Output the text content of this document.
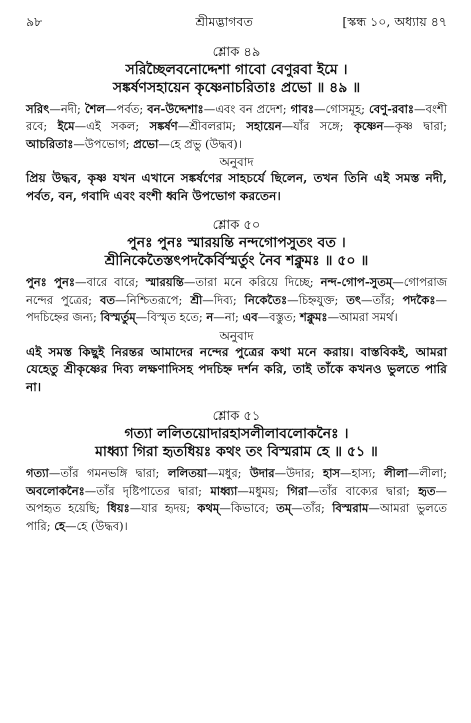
৯৮	শ্রীমদ্ভাগবত	[স্কন্ধ ১০, অধ্যায় ৪৭
শ্লোক ৪৯
সরিচ্ছৈলবনোদ্দেশা গাবো বেণুরবা ইমে ।
সঙ্কর্ষণসহায়েন কৃষ্ণেনাচরিতাঃ প্রভো ॥ ৪৯ ॥
সরিৎ—নদী; শৈল—পর্বত; বন-উদ্দেশাঃ—এবং বন প্রদেশ; গাবঃ—গোসমূহ; বেণু-রবাঃ—বংশী রবে; ইমে—এই সকল; সঙ্কর্ষণ—শ্রীবলরাম; সহায়েন—যাঁর সঙ্গে; কৃষ্ণেন—কৃষ্ণ দ্বারা; আচরিতাঃ—উপভোগ; প্রভো—হে প্রভু (উদ্ধব)।
অনুবাদ
প্রিয় উদ্ধব, কৃষ্ণ যখন এখানে সঙ্কর্ষণের সাহচর্যে ছিলেন, তখন তিনি এই সমস্ত নদী, পর্বত, বন, গবাদি এবং বংশী ধ্বনি উপভোগ করতেন।
শ্লোক ৫০
পুনঃ পুনঃ স্মারয়ন্তি নন্দগোপসুতং বত ।
শ্রীনিকেতৈস্তৎপদকৈর্বিস্মর্তুং নৈব শক্নুমঃ ॥ ৫০ ॥
পুনঃ পুনঃ—বারে বারে; স্মারয়ন্তি—তারা মনে করিয়ে দিচ্ছে; নন্দ-গোপ-সুতম্—গোপরাজ নন্দের পুত্রের; বত—নিশ্চিতরূপে; শ্রী—দিব্য; নিকেতৈঃ—চিহ্নযুক্ত; তৎ—তাঁর; পদকৈঃ—পদচিহ্নের জন্য; বিস্মর্তুম্—বিস্মৃত হতে; ন—না; এব—বস্তুত; শক্নুমঃ—আমরা সমর্থ।
অনুবাদ
এই সমস্ত কিছুই নিরন্তর আমাদের নন্দের পুত্রের কথা মনে করায়। বাস্তবিকই, আমরা যেহেতু শ্রীকৃষ্ণের দিব্য লক্ষণাদিসহ পদচিহ্ন দর্শন করি, তাই তাঁকে কখনও ভুলতে পারি না।
শ্লোক ৫১
গত্যা ললিতয়োদারহাসলীলাবলোকনৈঃ ।
মাধ্ব্যা গিরা হৃতধিয়ঃ কথং তং বিস্মরাম হে ॥ ৫১ ॥
গত্যা—তাঁর গমনভঙ্গি দ্বারা; ললিতয়া—মধুর; উদার—উদার; হাস—হাস্য; লীলা—লীলা; অবলোকনৈঃ—তাঁর দৃষ্টিপাতের দ্বারা; মাধ্ব্যা—মধুময়; গিরা—তাঁর বাক্যের দ্বারা; হৃত—অপহৃত হয়েছি; ধিয়ঃ—যার হৃদয়; কথম্—কিভাবে; তম্—তাঁর; বিস্মরাম—আমরা ভুলতে পারি; হে—হে (উদ্ধব)।
